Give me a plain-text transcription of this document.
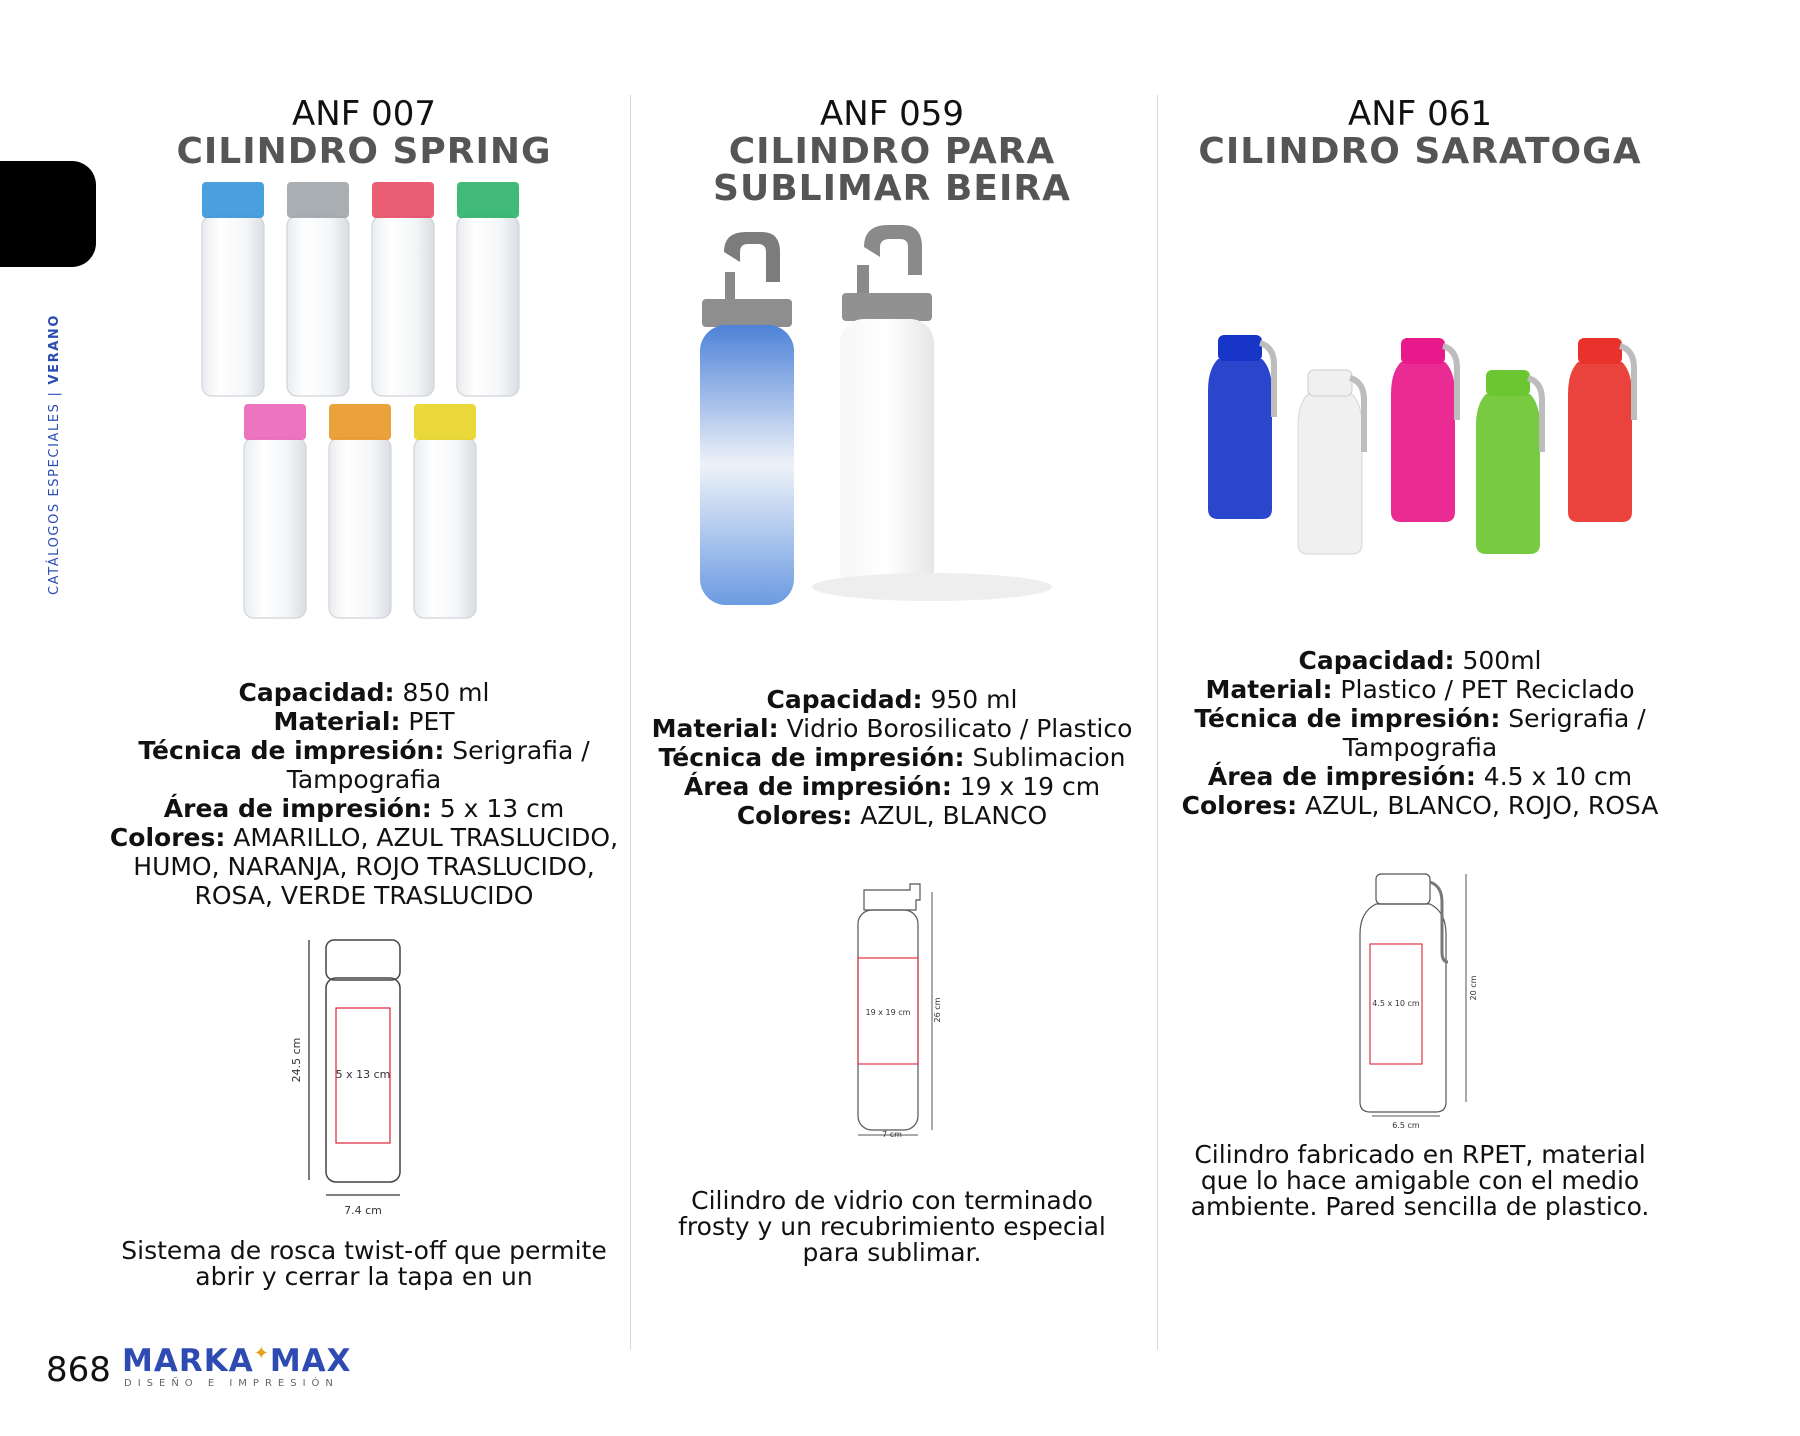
CATÁLOGOS ESPECIALES|VERANO
ANF 007
CILINDRO SPRING

Capacidad: 850 ml

Material: PET

Técnica de impresión: Serigrafia / Tampografia

Área de impresión: 5 x 13 cm

Colores: AMARILLO, AZUL TRASLUCIDO, HUMO, NARANJA, ROJO TRASLUCIDO, ROSA, VERDE TRASLUCIDO

24.5 cm	5 x 13 cm
7.4 cm

Sistema de rosca twist-off que permite abrir y cerrar la tapa en un

ANF 059
CILINDRO PARA SUBLIMAR BEIRA

Capacidad: 950 ml

Material: Vidrio Borosilicato / Plastico

Técnica de impresión: Sublimacion

Área de impresión: 19 x 19 cm

Colores: AZUL, BLANCO

19 x 19 cm	26 cm
7 cm

Cilindro de vidrio con terminado frosty y un recubrimiento especial para sublimar.

ANF 061
CILINDRO SARATOGA

Capacidad: 500ml

Material: Plastico / PET Reciclado

Técnica de impresión: Serigrafia / Tampografia

Área de impresión: 4.5 x 10 cm

Colores: AZUL, BLANCO, ROJO, ROSA

4.5 x 10 cm
20 cm
6.5 cm

Cilindro fabricado en RPET, material que lo hace amigable con el medio ambiente. Pared sencilla de plastico.

868 MARKA✦MAX
DISEÑO E IMPRESIÓN
